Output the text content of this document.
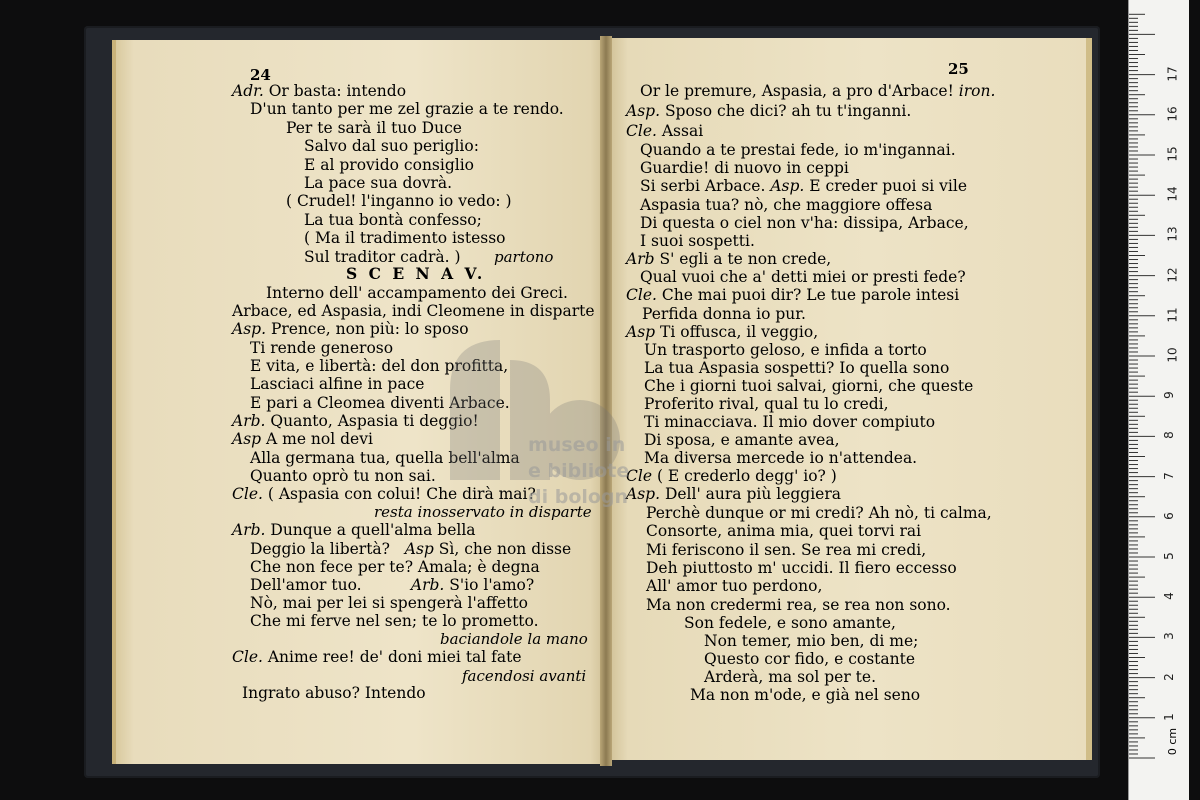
24
Adr. Or basta: intendo
D'un tanto per me zel grazie a te rendo.
Per te sarà il tuo Duce
Salvo dal suo periglio:
E al provido consiglio
La pace sua dovrà.
( Crudel! l'inganno io vedo: )
La tua bontà confesso;
( Ma il tradimento istesso
Sul traditor cadrà. ) partono
S C E N A V.
Interno dell' accampamento dei Greci.
Arbace, ed Aspasia, indi Cleomene in disparte
Asp. Prence, non più: lo sposo
Ti rende generoso
E vita, e libertà: del don profitta,
Lasciaci alfine in pace
E pari a Cleomea diventi Arbace.
Arb. Quanto, Aspasia ti deggio!
Asp A me nol devi
Alla germana tua, quella bell'alma
Quanto oprò tu non sai.
Cle. ( Aspasia con colui! Che dirà mai?
resta inosservato in disparte
Arb. Dunque a quell'alma bella
Deggio la libertà? Asp Sì, che non disse
Che non fece per te? Amala; è degna
Dell'amor tuo.	Arb. S'io l'amo?
Nò, mai per lei si spengerà l'affetto
Che mi ferve nel sen; te lo prometto.
baciandole la mano
Cle. Anime ree! de' doni miei tal fate
facendosi avanti
Ingrato abuso? Intendo
25
Or le premure, Aspasia, a pro d'Arbace! iron.
Asp. Sposo che dici? ah tu t'inganni.
Cle. Assai
Quando a te prestai fede, io m'ingannai.
Guardie! di nuovo in ceppi
Si serbi Arbace. Asp. E creder puoi si vile
Aspasia tua? nò, che maggiore offesa
Di questa o ciel non v'ha: dissipa, Arbace,
I suoi sospetti.
Arb S' egli a te non crede,
Qual vuoi che a' detti miei or presti fede?
Cle. Che mai puoi dir? Le tue parole intesi
Perfida donna io pur.
Asp Ti offusca, il veggio,
Un trasporto geloso, e infida a torto
La tua Aspasia sospetti? Io quella sono
Che i giorni tuoi salvai, giorni, che queste
Proferito rival, qual tu lo credi,
Ti minacciava. Il mio dover compiuto
Di sposa, e amante avea,
Ma diversa mercede io n'attendea.
Cle ( E crederlo degg' io? )
Asp. Dell' aura più leggiera
Perchè dunque or mi credi? Ah nò, ti calma,
Consorte, anima mia, quei torvi rai
Mi feriscono il sen. Se rea mi credi,
Deh piuttosto m' uccidi. Il fiero eccesso
All' amor tuo perdono,
Ma non credermi rea, se rea non sono.
Son fedele, e sono amante,
Non temer, mio ben, di me;
Questo cor fido, e costante
Arderà, ma sol per te.
Ma non m'ode, e già nel seno
museo in
e bibliote
di bologn
1
2
3
4
5
6
7
8
9
10
11
12
13
14
15
16
17
0 cm
